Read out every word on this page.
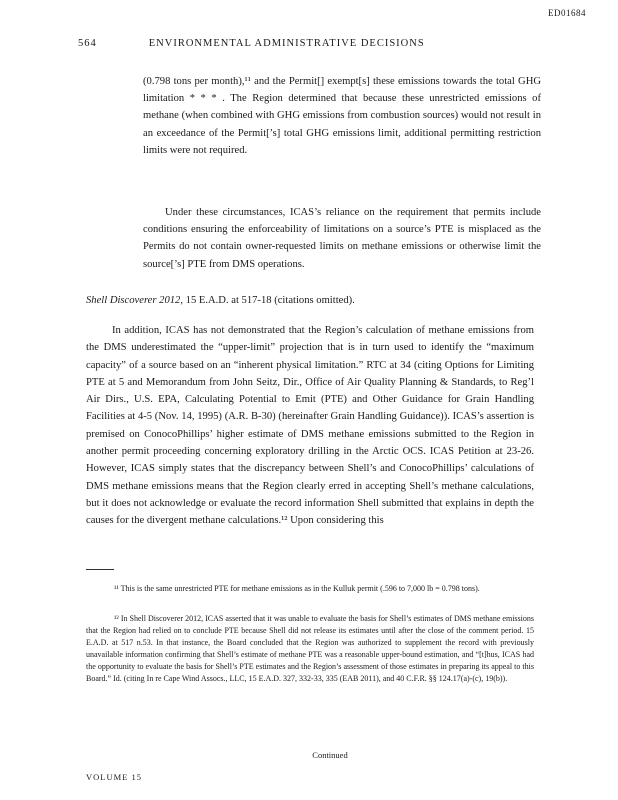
ED01684
564	ENVIRONMENTAL ADMINISTRATIVE DECISIONS

(0.798 tons per month),¹¹ and the Permit[] exempt[s] these emissions towards the total GHG limitation * * * . The Region determined that because these unrestricted emissions of methane (when combined with GHG emissions from combustion sources) would not result in an exceedance of the Permit[’s] total GHG emissions limit, additional permitting restriction limits were not required.

Under these circumstances, ICAS’s reliance on the requirement that permits include conditions ensuring the enforceability of limitations on a source’s PTE is misplaced as the Permits do not contain owner-requested limits on methane emissions or otherwise limit the source[’s] PTE from DMS operations.

Shell Discoverer 2012, 15 E.A.D. at 517-18 (citations omitted).

In addition, ICAS has not demonstrated that the Region’s calculation of methane emissions from the DMS underestimated the “upper-limit” projection that is in turn used to identify the “maximum capacity” of a source based on an “inherent physical limitation.” RTC at 34 (citing Options for Limiting PTE at 5 and Memorandum from John Seitz, Dir., Office of Air Quality Planning & Standards, to Reg’l Air Dirs., U.S. EPA, Calculating Potential to Emit (PTE) and Other Guidance for Grain Handling Facilities at 4-5 (Nov. 14, 1995) (A.R. B-30) (hereinafter Grain Handling Guidance)). ICAS’s assertion is premised on ConocoPhillips’ higher estimate of DMS methane emissions submitted to the Region in another permit proceeding concerning exploratory drilling in the Arctic OCS. ICAS Petition at 23-26. However, ICAS simply states that the discrepancy between Shell’s and ConocoPhillips’ calculations of DMS methane emissions means that the Region clearly erred in accepting Shell’s methane calculations, but it does not acknowledge or evaluate the record information Shell submitted that explains in depth the causes for the divergent methane calculations.¹² Upon considering this

¹¹ This is the same unrestricted PTE for methane emissions as in the Kulluk permit (.596 to 7,000 lb = 0.798 tons).

¹² In Shell Discoverer 2012, ICAS asserted that it was unable to evaluate the basis for Shell’s estimates of DMS methane emissions that the Region had relied on to conclude PTE because Shell did not release its estimates until after the close of the comment period. 15 E.A.D. at 517 n.53. In that instance, the Board concluded that the Region was authorized to supplement the record with previously unavailable information confirming that Shell’s estimate of methane PTE was a reasonable upper-bound estimation, and “[t]hus, ICAS had the opportunity to evaluate the basis for Shell’s PTE estimates and the Region’s assessment of those estimates in preparing its appeal to this Board.” Id. (citing In re Cape Wind Assocs., LLC, 15 E.A.D. 327, 332-33, 335 (EAB 2011), and 40 C.F.R. §§ 124.17(a)-(c), 19(b)).

Continued
VOLUME 15
